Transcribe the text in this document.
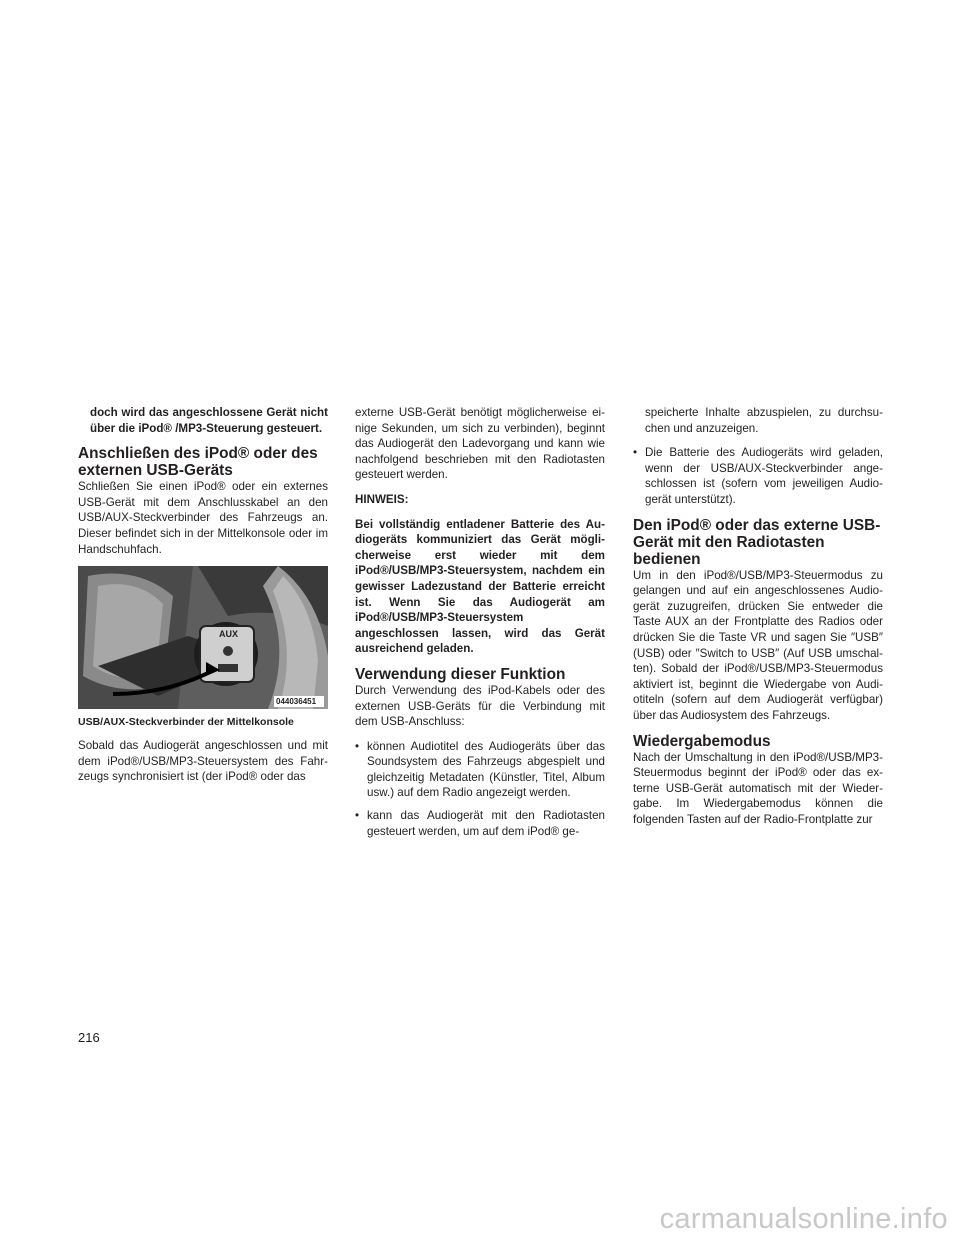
doch wird das angeschlossene Gerät nicht über die iPod® /MP3-Steuerung gesteuert.

Anschließen des iPod® oder des externen USB-Geräts

Schließen Sie einen iPod® oder ein externes USB-Gerät mit dem Anschlusskabel an den USB/AUX-Steckverbinder des Fahrzeugs an. Dieser befindet sich in der Mittelkonsole oder im Handschuhfach.

AUX
044036451
USB/AUX-Steckverbinder der Mittelkonsole

Sobald das Audiogerät angeschlossen und mit dem iPod®/USB/MP3-Steuersystem des Fahrzeugs synchronisiert ist (der iPod® oder das

externe USB-Gerät benötigt möglicherweise einige Sekunden, um sich zu verbinden), beginnt das Audiogerät den Ladevorgang und kann wie nachfolgend beschrieben mit den Radiotasten gesteuert werden.

HINWEIS:

Bei vollständig entladener Batterie des Audiogeräts kommuniziert das Gerät möglicherweise erst wieder mit dem iPod®/USB/MP3-Steuersystem, nachdem ein gewisser Ladezustand der Batterie erreicht ist. Wenn Sie das Audiogerät am iPod®/USB/MP3-Steuersystem angeschlossen lassen, wird das Gerät ausreichend geladen.

Verwendung dieser Funktion

Durch Verwendung des iPod-Kabels oder des externen USB-Geräts für die Verbindung mit dem USB-Anschluss:

• können Audiotitel des Audiogeräts über das Soundsystem des Fahrzeugs abgespielt und gleichzeitig Metadaten (Künstler, Titel, Album usw.) auf dem Radio angezeigt werden.
• kann das Audiogerät mit den Radiotasten gesteuert werden, um auf dem iPod® ge-

speicherte Inhalte abzuspielen, zu durchsuchen und anzuzeigen.

• Die Batterie des Audiogeräts wird geladen, wenn der USB/AUX-Steckverbinder angeschlossen ist (sofern vom jeweiligen Audiogerät unterstützt).
Den iPod® oder das externe USB-Gerät mit den Radiotasten bedienen

Um in den iPod®/USB/MP3-Steuermodus zu gelangen und auf ein angeschlossenes Audiogerät zuzugreifen, drücken Sie entweder die Taste AUX an der Frontplatte des Radios oder drücken Sie die Taste VR und sagen Sie ″USB″ (USB) oder ″Switch to USB″ (Auf USB umschalten). Sobald der iPod®/USB/MP3-Steuermodus aktiviert ist, beginnt die Wiedergabe von Audiotiteln (sofern auf dem Audiogerät verfügbar) über das Audiosystem des Fahrzeugs.

Wiedergabemodus

Nach der Umschaltung in den iPod®/USB/MP3-Steuermodus beginnt der iPod® oder das externe USB-Gerät automatisch mit der Wiedergabe. Im Wiedergabemodus können die folgenden Tasten auf der Radio-Frontplatte zur

216
carmanualsonline.info
